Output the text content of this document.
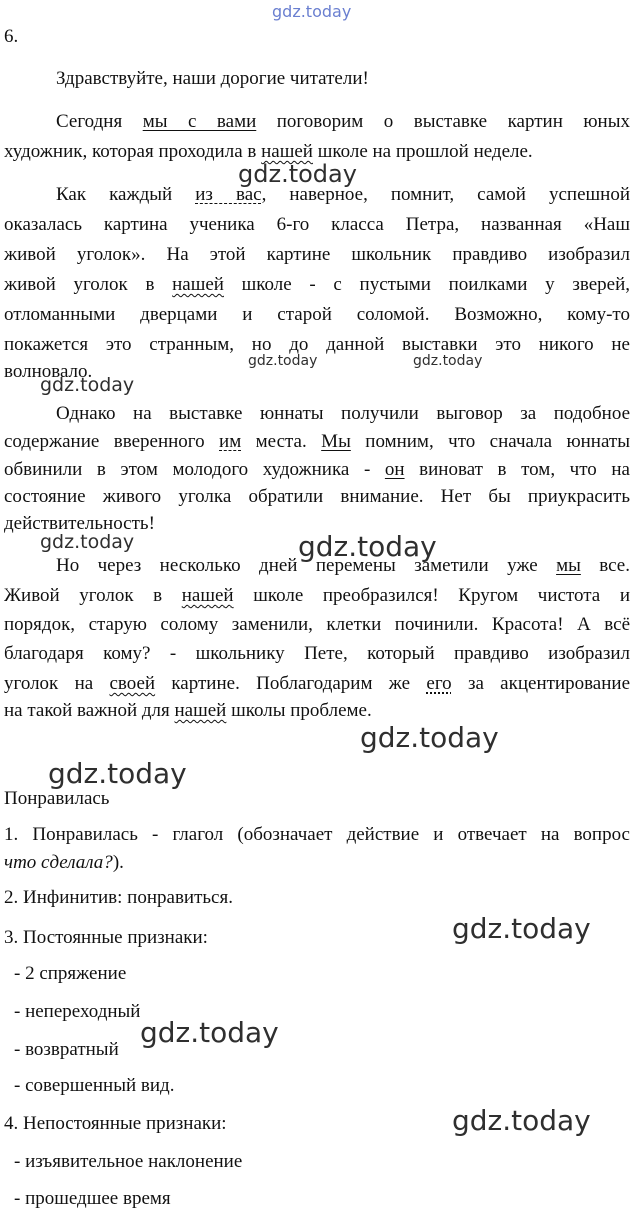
gdz.today
6.
Здравствуйте, наши дорогие читатели!
Сегодня мы с вами поговорим о выставке картин юных
художник, которая проходила в нашей школе на прошлой неделе.
Как каждый из вас, наверное, помнит, самой успешной
оказалась картина ученика 6-го класса Петра, названная «Наш
живой уголок». На этой картине школьник правдиво изобразил
живой уголок в нашей школе - с пустыми поилками у зверей,
отломанными дверцами и старой соломой. Возможно, кому-то
покажется это странным, но до данной выставки это никого не
волновало.
Однако на выставке юннаты получили выговор за подобное
содержание вверенного им места. Мы помним, что сначала юннаты
обвинили в этом молодого художника - он виноват в том, что на
состояние живого уголка обратили внимание. Нет бы приукрасить
действительность!
Но через несколько дней перемены заметили уже мы все.
Живой уголок в нашей школе преобразился! Кругом чистота и
порядок, старую солому заменили, клетки починили. Красота! А всё
благодаря кому? - школьнику Пете, который правдиво изобразил
уголок на своей картине. Поблагодарим же его за акцентирование
на такой важной для нашей школы проблеме.
Понравилась
1. Понравилась - глагол (обозначает действие и отвечает на вопрос
что сделала?).
2. Инфинитив: понравиться.
3. Постоянные признаки:
- 2 спряжение
- непереходный
- возвратный
- совершенный вид.
4. Непостоянные признаки:
- изъявительное наклонение
- прошедшее время
gdz.today
gdz.today	gdz.today
gdz.today
gdz.today	gdz.today
gdz.today
gdz.today
gdz.today
gdz.today
gdz.today
